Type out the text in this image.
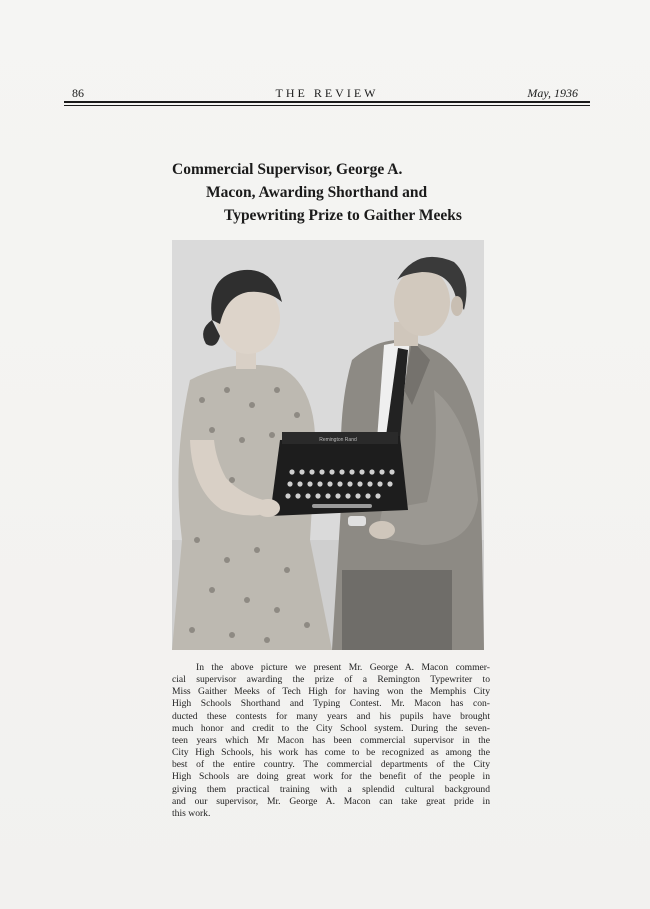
86	THE REVIEW	May, 1936
Commercial Supervisor, George A.
Macon, Awarding Shorthand and
Typewriting Prize to Gaither Meeks
Remington Rand
In the above picture we present Mr. George A. Macon commer-
cial supervisor awarding the prize of a Remington Typewriter to
Miss Gaither Meeks of Tech High for having won the Memphis City
High Schools Shorthand and Typing Contest. Mr. Macon has con-
ducted these contests for many years and his pupils have brought
much honor and credit to the City School system. During the seven-
teen years which Mr Macon has been commercial supervisor in the
City High Schools, his work has come to be recognized as among the
best of the entire country. The commercial departments of the City
High Schools are doing great work for the benefit of the people in
giving them practical training with a splendid cultural background
and our supervisor, Mr. George A. Macon can take great pride in
this work.
